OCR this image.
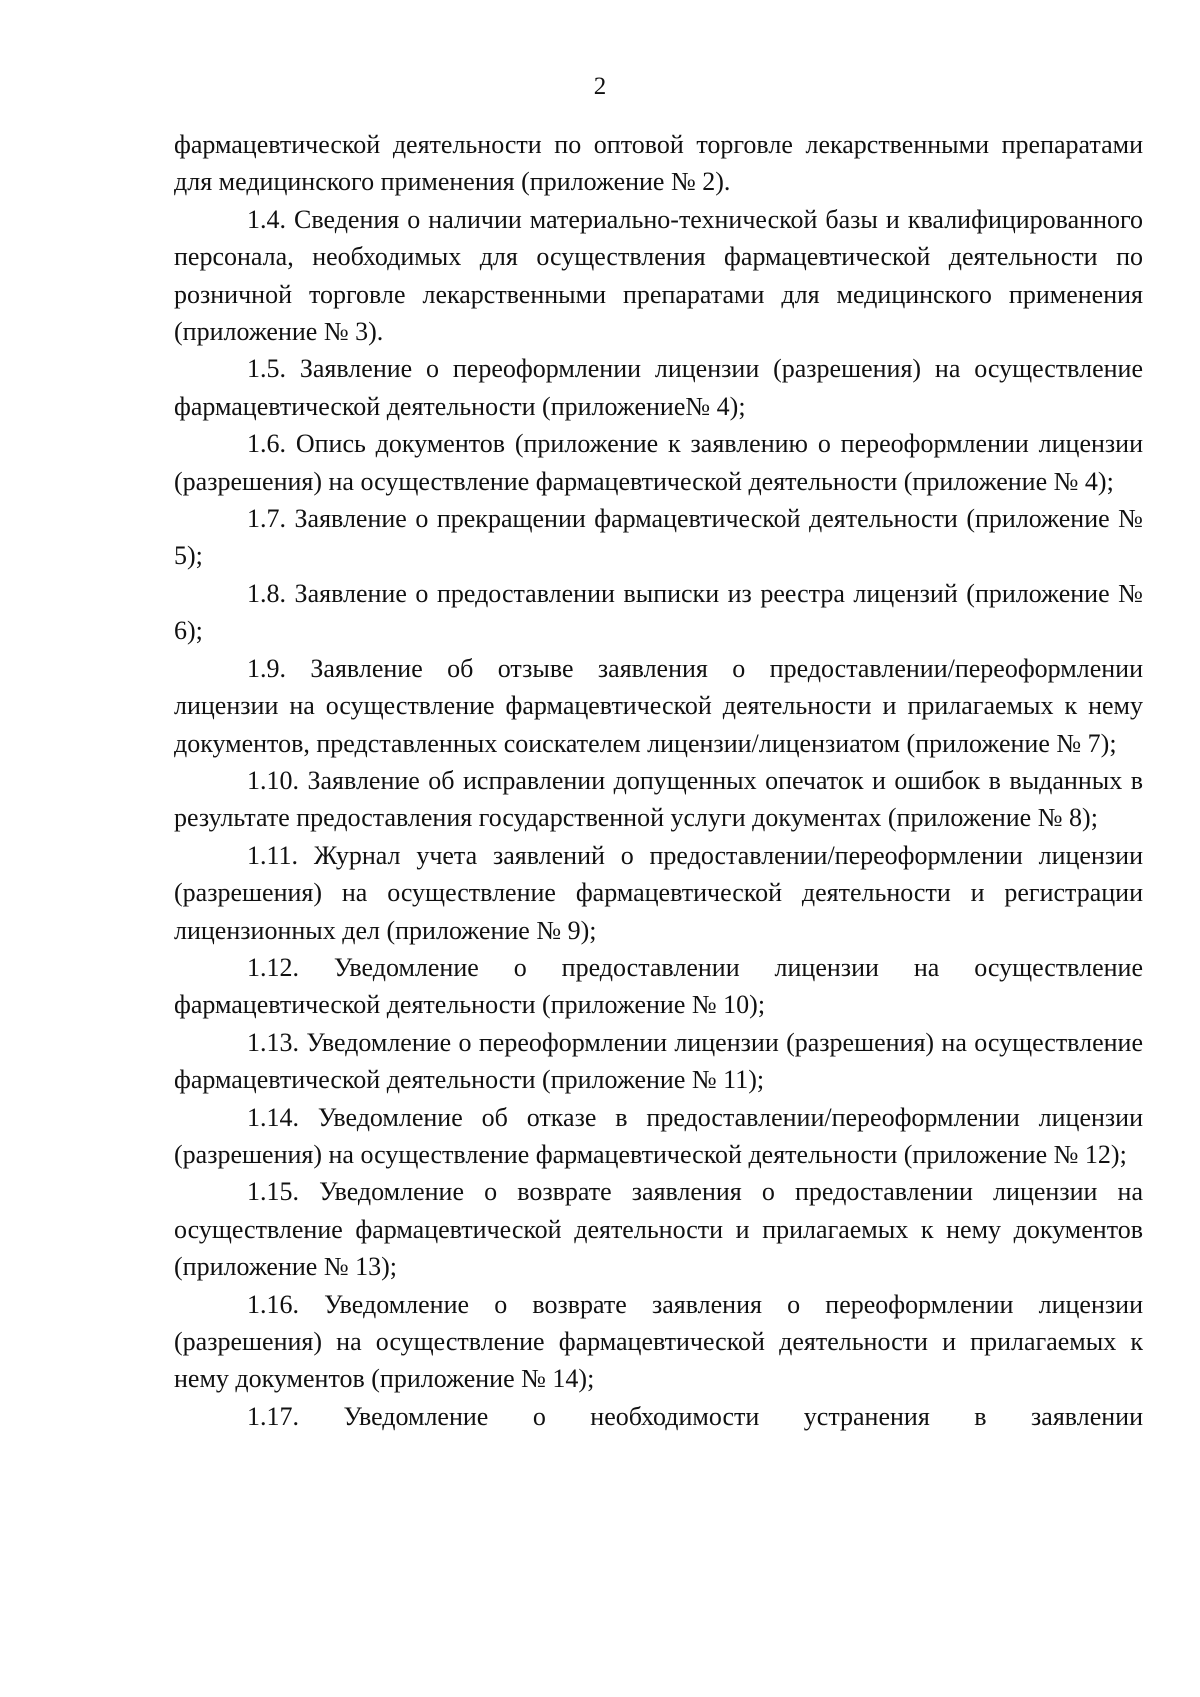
2

фармацевтической деятельности по оптовой торговле лекарственными препаратами для медицинского применения (приложение № 2).

1.4. Сведения о наличии материально-технической базы и квалифицированного персонала, необходимых для осуществления фармацевтической деятельности по розничной торговле лекарственными препаратами для медицинского применения (приложение № 3).

1.5. Заявление о переоформлении лицензии (разрешения) на осуществление фармацевтической деятельности (приложение№ 4);

1.6. Опись документов (приложение к заявлению о переоформлении лицензии (разрешения) на осуществление фармацевтической деятельности (приложение № 4);

1.7. Заявление о прекращении фармацевтической деятельности (приложение № 5);

1.8. Заявление о предоставлении выписки из реестра лицензий (приложение № 6);

1.9. Заявление об отзыве заявления о предоставлении/переоформлении лицензии на осуществление фармацевтической деятельности и прилагаемых к нему документов, представленных соискателем лицензии/лицензиатом (приложение № 7);

1.10. Заявление об исправлении допущенных опечаток и ошибок в выданных в результате предоставления государственной услуги документах (приложение № 8);

1.11. Журнал учета заявлений о предоставлении/переоформлении лицензии (разрешения) на осуществление фармацевтической деятельности и регистрации лицензионных дел (приложение № 9);

1.12. Уведомление о предоставлении лицензии на осуществление фармацевтической деятельности (приложение № 10);

1.13. Уведомление о переоформлении лицензии (разрешения) на осуществление фармацевтической деятельности (приложение № 11);

1.14. Уведомление об отказе в предоставлении/переоформлении лицензии (разрешения) на осуществление фармацевтической деятельности (приложение № 12);

1.15. Уведомление о возврате заявления о предоставлении лицензии на осуществление фармацевтической деятельности и прилагаемых к нему документов (приложение № 13);

1.16. Уведомление о возврате заявления о переоформлении лицензии (разрешения) на осуществление фармацевтической деятельности и прилагаемых к нему документов (приложение № 14);

1.17. Уведомление о необходимости устранения в заявлении
